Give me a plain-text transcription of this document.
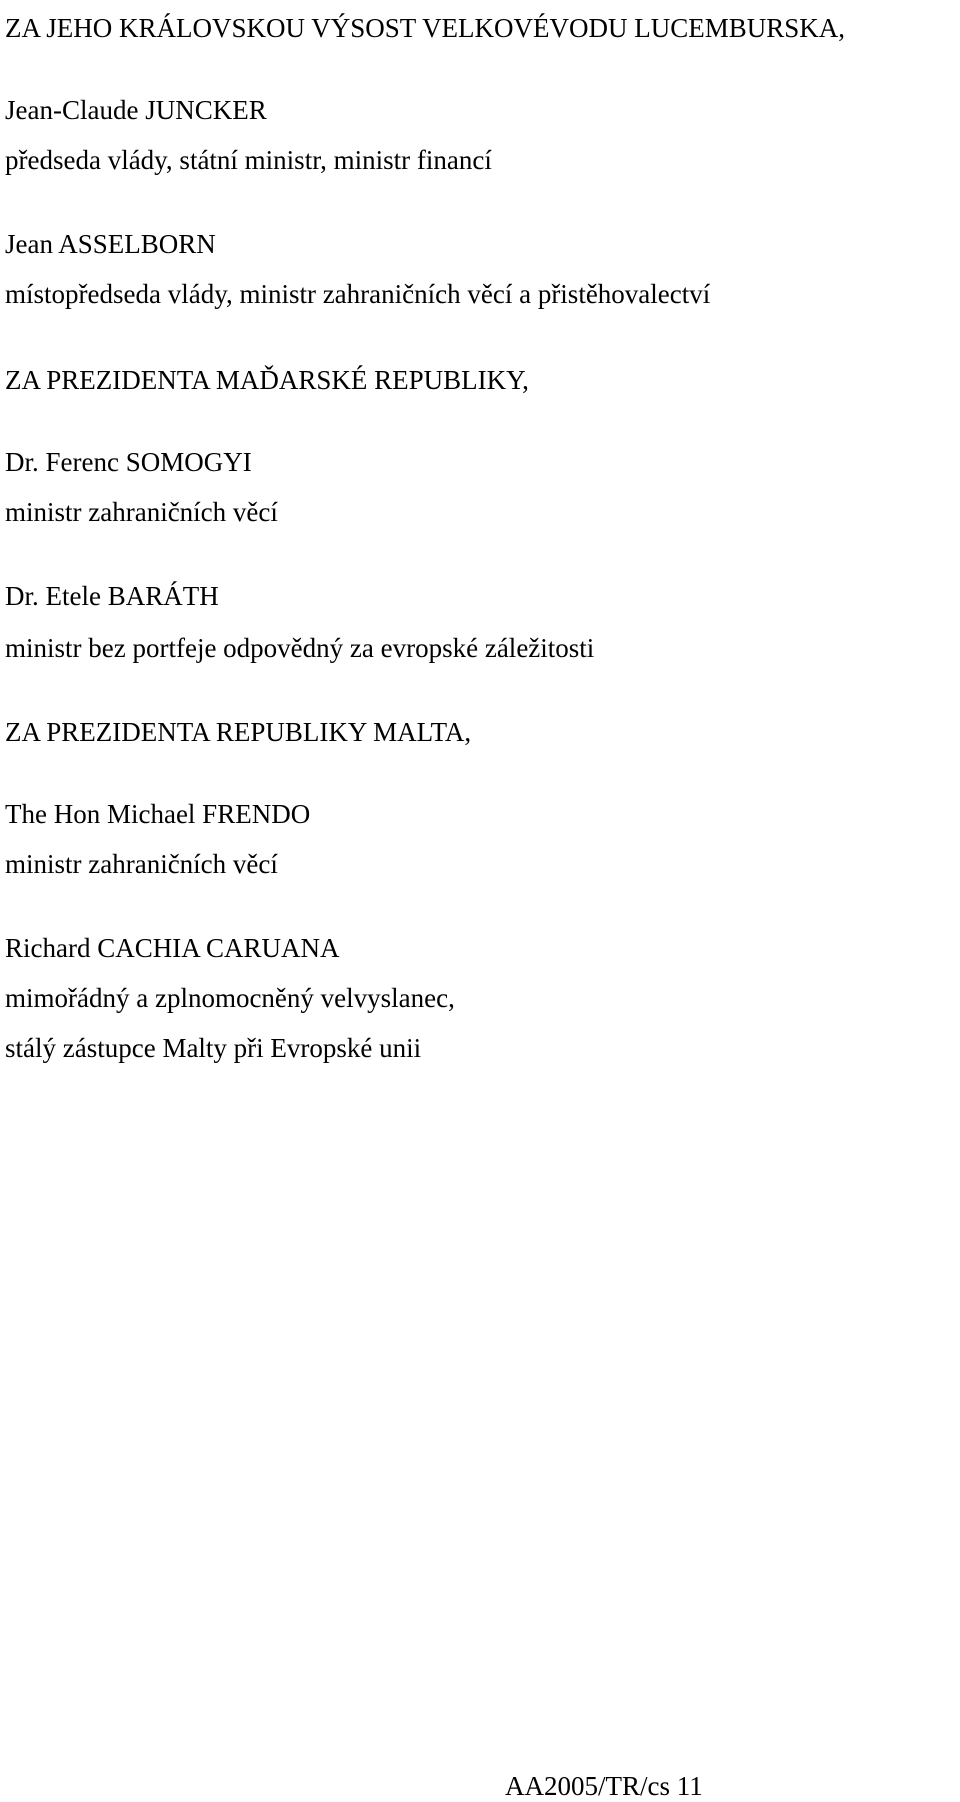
ZA JEHO KRÁLOVSKOU VÝSOST VELKOVÉVODU LUCEMBURSKA,

Jean-Claude JUNCKER

předseda vlády, státní ministr, ministr financí

Jean ASSELBORN

místopředseda vlády, ministr zahraničních věcí a přistěhovalectví

ZA PREZIDENTA MAĎARSKÉ REPUBLIKY,

Dr. Ferenc SOMOGYI

ministr zahraničních věcí

Dr. Etele BARÁTH

ministr bez portfeje odpovědný za evropské záležitosti

ZA PREZIDENTA REPUBLIKY MALTA,

The Hon Michael FRENDO

ministr zahraničních věcí

Richard CACHIA CARUANA

mimořádný a zplnomocněný velvyslanec,

stálý zástupce Malty při Evropské unii

AA2005/TR/cs 11
